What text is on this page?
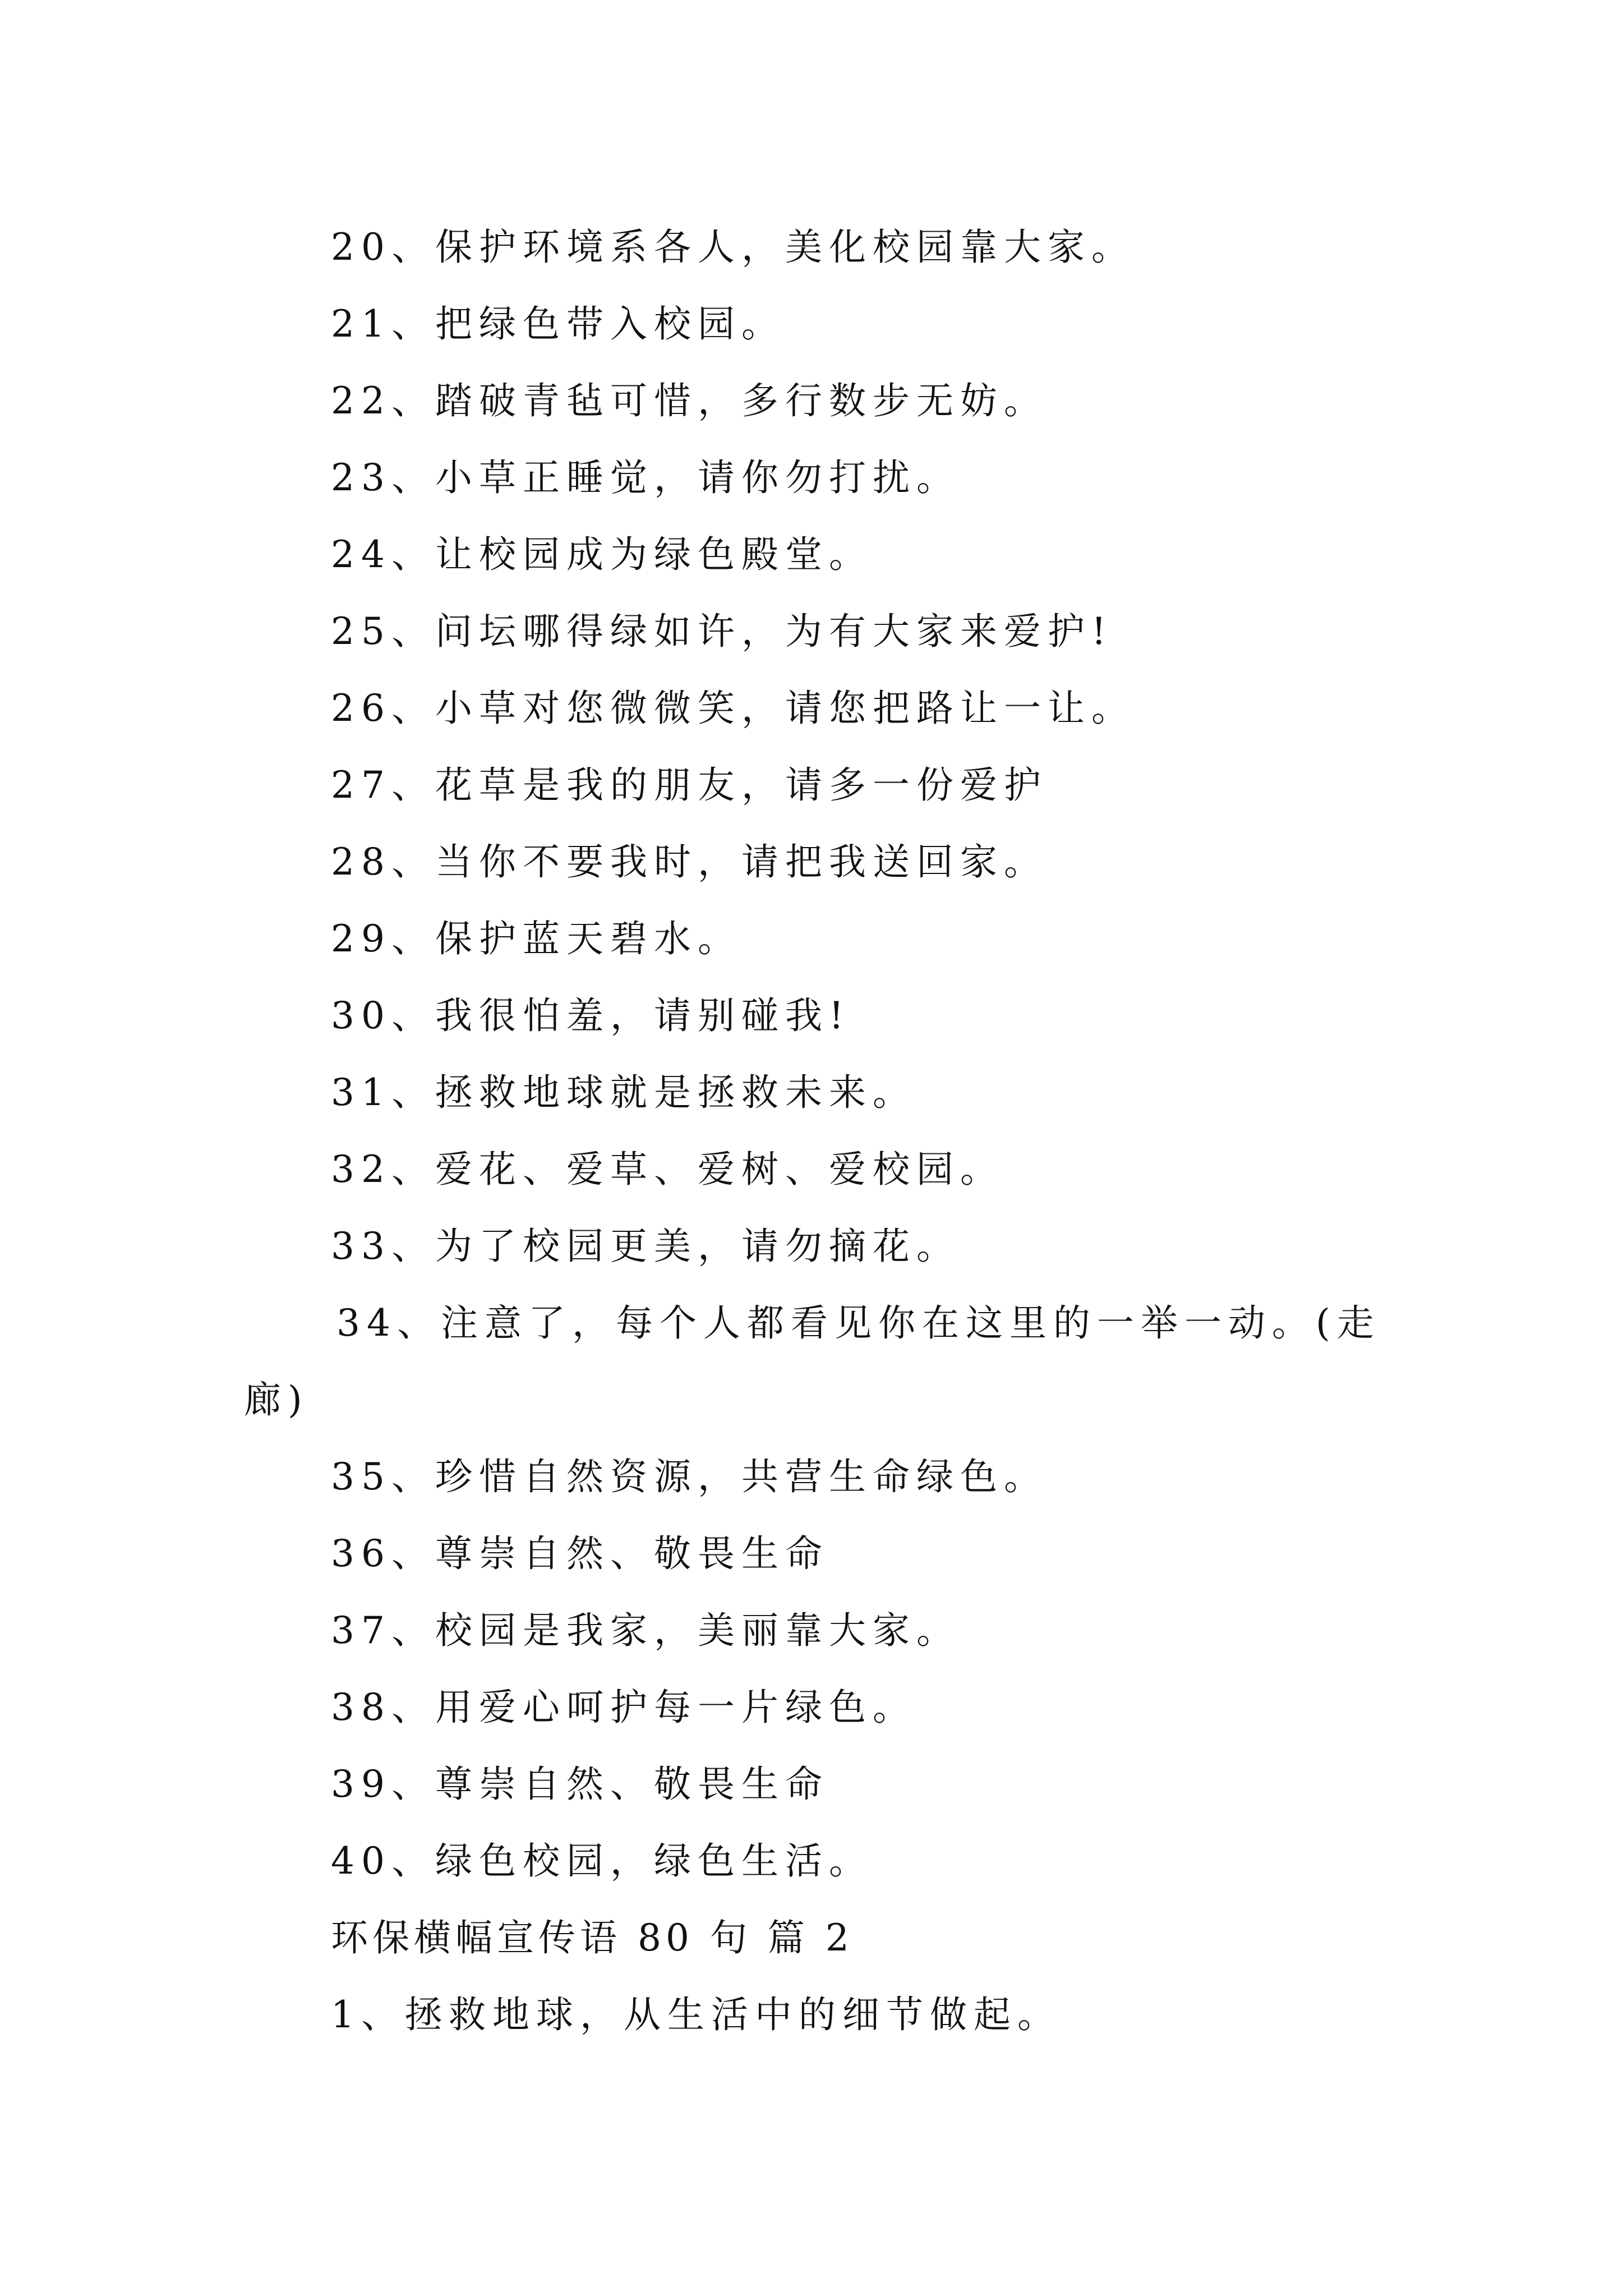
20、保护环境系各人，美化校园靠大家。
21、把绿色带入校园。
22、踏破青毡可惜，多行数步无妨。
23、小草正睡觉，请你勿打扰。
24、让校园成为绿色殿堂。
25、问坛哪得绿如许，为有大家来爱护!
26、小草对您微微笑，请您把路让一让。
27、花草是我的朋友，请多一份爱护
28、当你不要我时，请把我送回家。
29、保护蓝天碧水。
30、我很怕羞，请别碰我!
31、拯救地球就是拯救未来。
32、爱花、爱草、爱树、爱校园。
33、为了校园更美，请勿摘花。
34、注意了，每个人都看见你在这里的一举一动。(走
廊)
35、珍惜自然资源，共营生命绿色。
36、尊崇自然、敬畏生命
37、校园是我家，美丽靠大家。
38、用爱心呵护每一片绿色。
39、尊崇自然、敬畏生命
40、绿色校园，绿色生活。
环保横幅宣传语 80 句 篇 2
1、拯救地球，从生活中的细节做起。
